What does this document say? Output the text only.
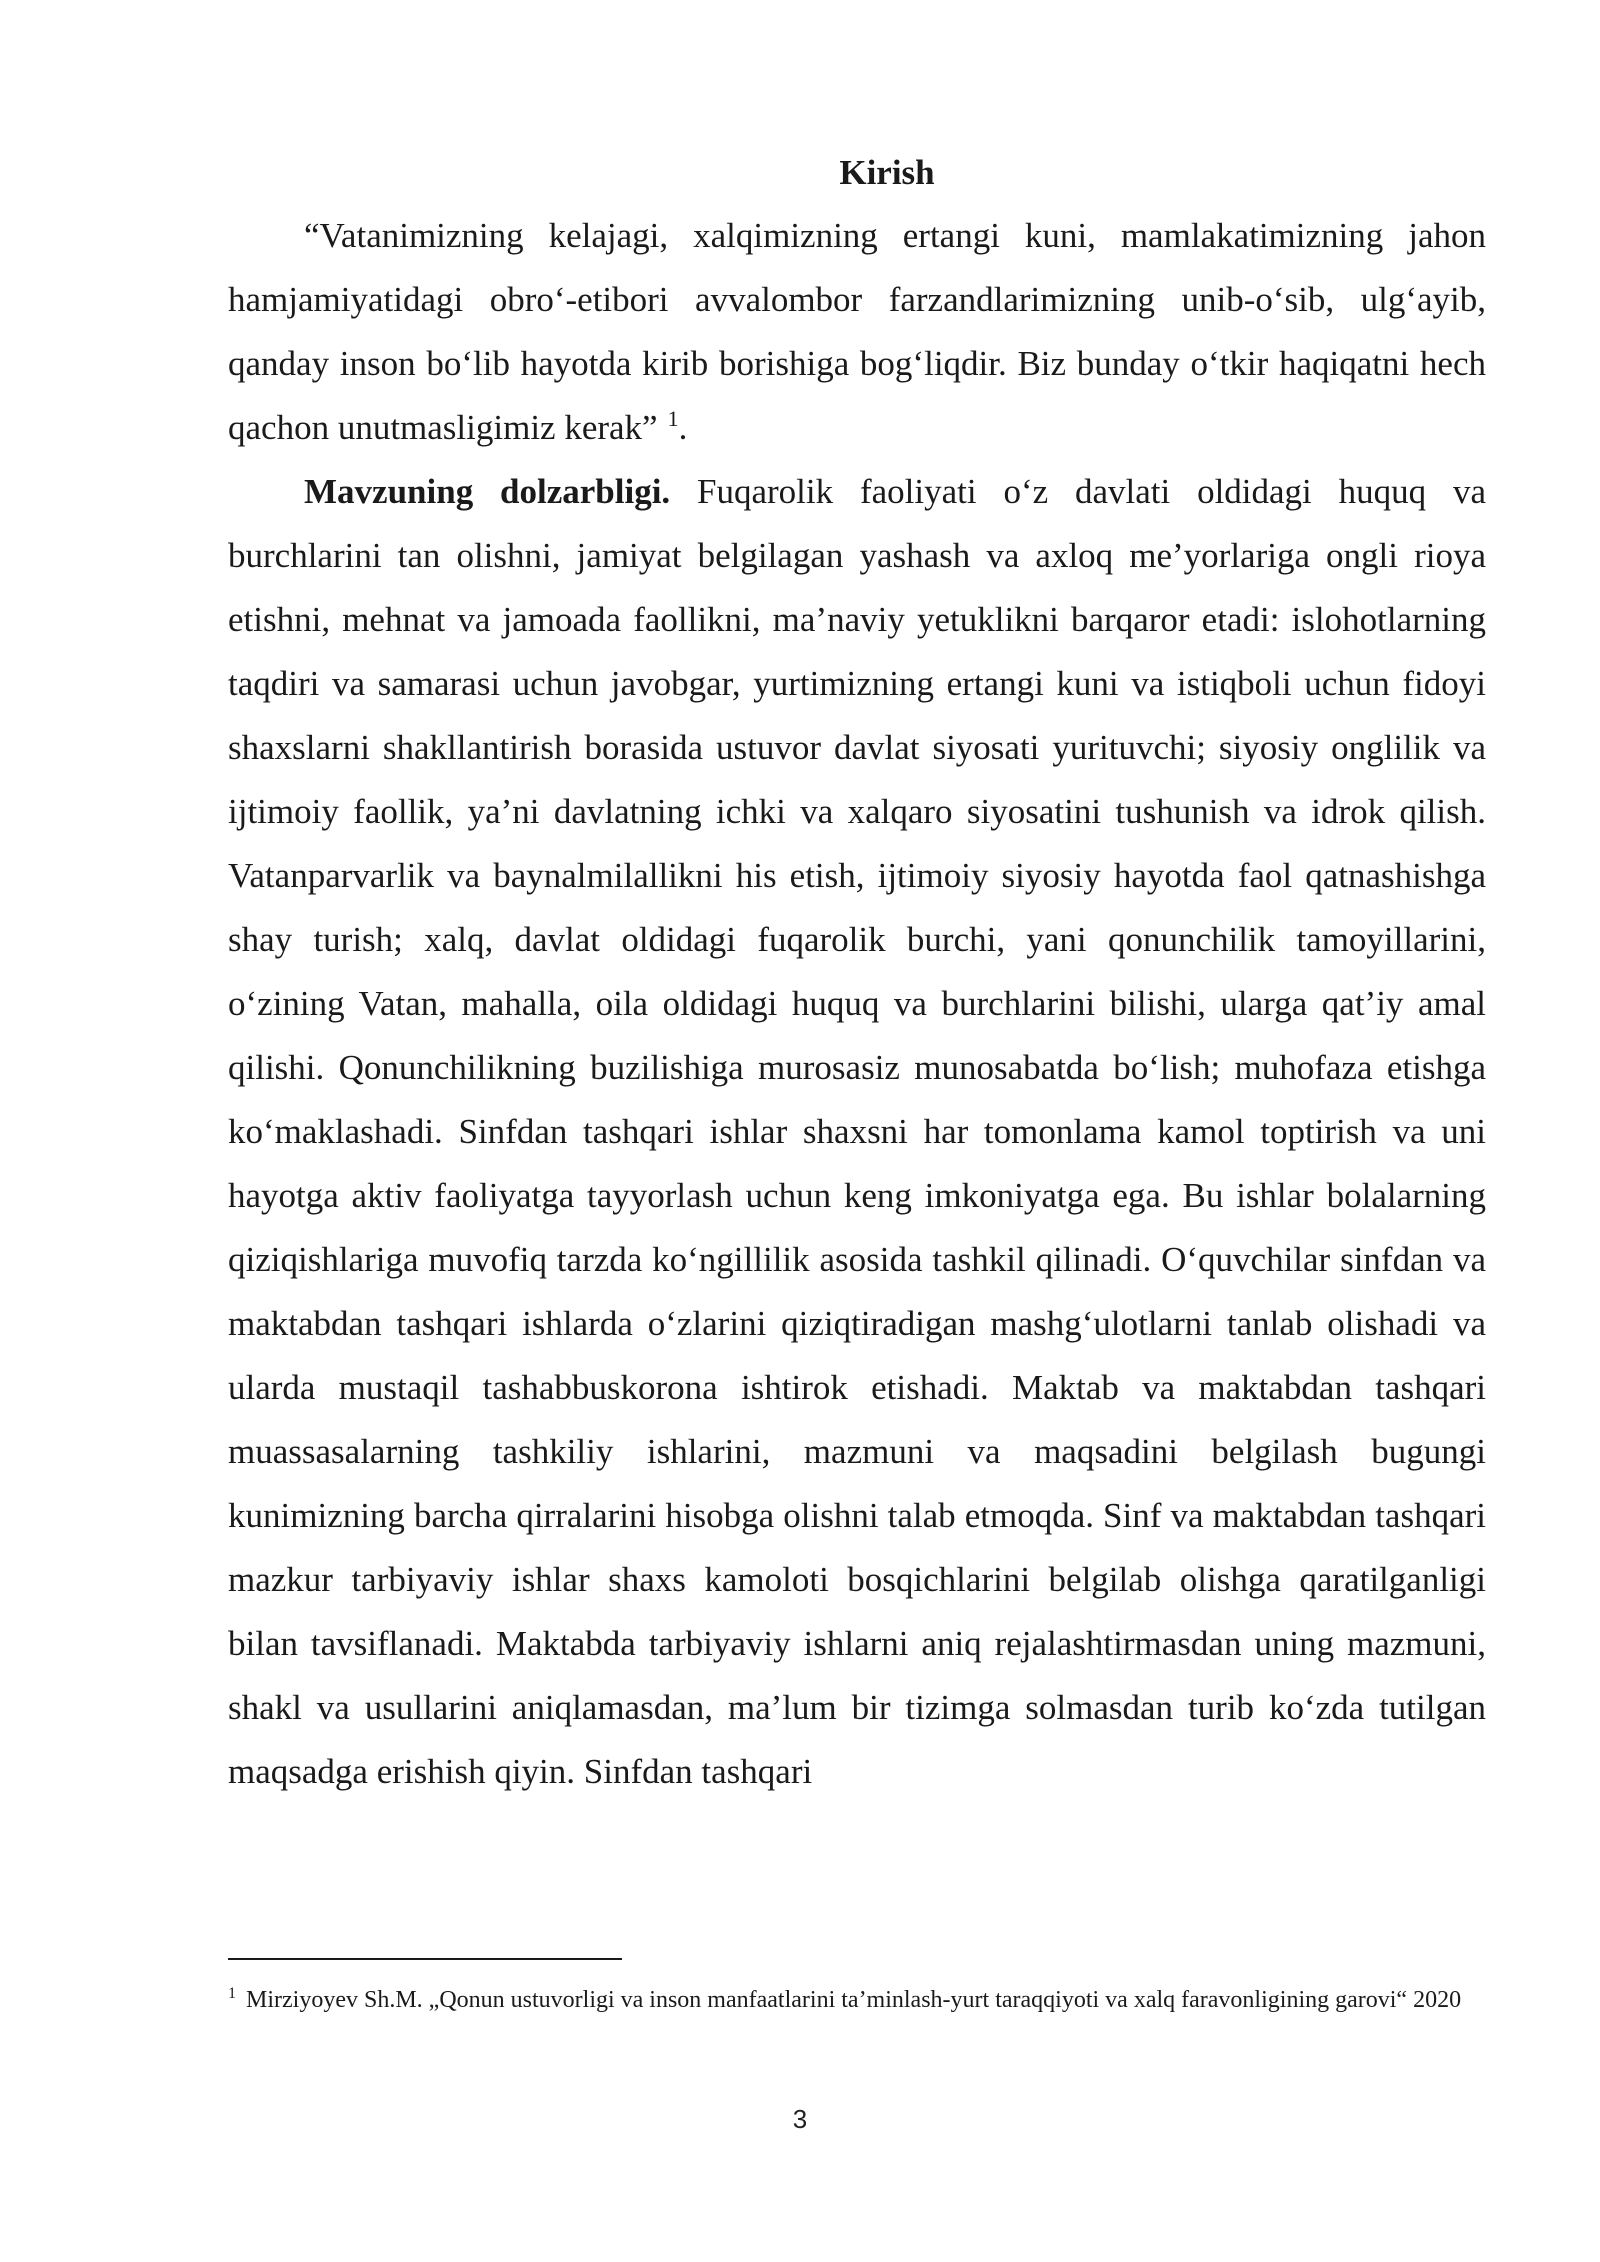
Kirish

“Vatanimizning kelajagi, xalqimizning ertangi kuni, mamlakatimizning jahon hamjamiyatidagi obro‘-etibori avvalombor farzandlarimizning unib-o‘sib, ulg‘ayib, qanday inson bo‘lib hayotda kirib borishiga bog‘liqdir. Biz bunday o‘tkir haqiqatni hech qachon unutmasligimiz kerak” $^1$.

Mavzuning dolzarbligi. Fuqarolik faoliyati o‘z davlati oldidagi huquq va burchlarini tan olishni, jamiyat belgilagan yashash va axloq me’yorlariga ongli rioya etishni, mehnat va jamoada faollikni, ma’naviy yetuklikni barqaror etadi: islohotlarning taqdiri va samarasi uchun javobgar, yurtimizning ertangi kuni va istiqboli uchun fidoyi shaxslarni shakllantirish borasida ustuvor davlat siyosati yurituvchi; siyosiy onglilik va ijtimoiy faollik, ya’ni davlatning ichki va xalqaro siyosatini tushunish va idrok qilish. Vatanparvarlik va baynalmilallikni his etish, ijtimoiy siyosiy hayotda faol qatnashishga shay turish; xalq, davlat oldidagi fuqarolik burchi, yani qonunchilik tamoyillarini, o‘zining Vatan, mahalla, oila oldidagi huquq va burchlarini bilishi, ularga qat’iy amal qilishi. Qonunchilikning buzilishiga murosasiz munosabatda bo‘lish; muhofaza etishga ko‘maklashadi. Sinfdan tashqari ishlar shaxsni har tomonlama kamol toptirish va uni hayotga aktiv faoliyatga tayyorlash uchun keng imkoniyatga ega. Bu ishlar bolalarning qiziqishlariga muvofiq tarzda ko‘ngillilik asosida tashkil qilinadi. O‘quvchilar sinfdan va maktabdan tashqari ishlarda o‘zlarini qiziqtiradigan mashg‘ulotlarni tanlab olishadi va ularda mustaqil tashabbuskorona ishtirok etishadi. Maktab va maktabdan tashqari muassasalarning tashkiliy ishlarini, mazmuni va maqsadini belgilash bugungi kunimizning barcha qirralarini hisobga olishni talab etmoqda. Sinf va maktabdan tashqari mazkur tarbiyaviy ishlar shaxs kamoloti bosqichlarini belgilab olishga qaratilganligi bilan tavsiflanadi. Maktabda tarbiyaviy ishlarni aniq rejalashtirmasdan uning mazmuni, shakl va usullarini aniqlamasdan, ma’lum bir tizimga solmasdan turib ko‘zda tutilgan maqsadga erishish qiyin. Sinfdan tashqari

$^1$ Mirziyoyev Sh.M. „Qonun ustuvorligi va inson manfaatlarini ta’minlash-yurt taraqqiyoti va xalq faravonligining garovi“ 2020

3
